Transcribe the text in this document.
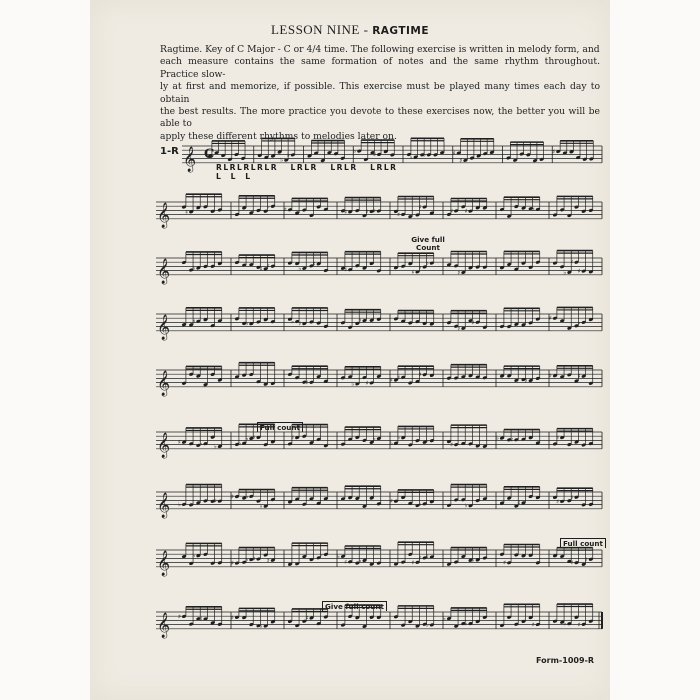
LESSON NINE - RAGTIME
Ragtime. Key of C Major - C or 4/4 time. The following exercise is written in melody form, and
each measure contains the same formation of notes and the same rhythm throughout. Practice slow-
ly at first and memorize, if possible. This exercise must be played many times each day to obtain
the best results. The more practice you devote to these exercises now, the better you will be able to
apply these different rhythms to melodies later on.
𝄞	♭
♭
♭	♯	♭ ♭	♯
♯
♯
𝄞	♯
♭ ♯	♯	♯ ♯	♯
♯
♯ ♯	♯
𝄞	♭	♯ ♯	♭
♯
♯	♯
♭
♭
♯	♭
♯
♯
𝄞	♯	♭	♭ ♯	♯
♯
♯
♯
♭
𝄞	♯	♭ ♯	♯ ♯	♯
♯
♯	♯
𝄞 ♯	♭ ♭	♭
♭ ♯	♯	♭
♭
♭	♭
♯
♭ ♯	♯
𝄞 ♭	♯
♯ ♭
♭
♯	♭	♭	♯	♯
♯
𝄞	♭
♯
♭ ♯ ♯
♭ ♭
♯ ♭	♯
♯ ♯	♭	♯	♯ ♯
𝄞 ♯	♯	♯
♭
♯
♭
♭
♭	♯	♭ ♯
C
1-R
RLRLRLRLR   LRLR   LRLR   LRLR
L  L  L
Give full
Count
Full count
Full count
Give full count
Form-1009-R
